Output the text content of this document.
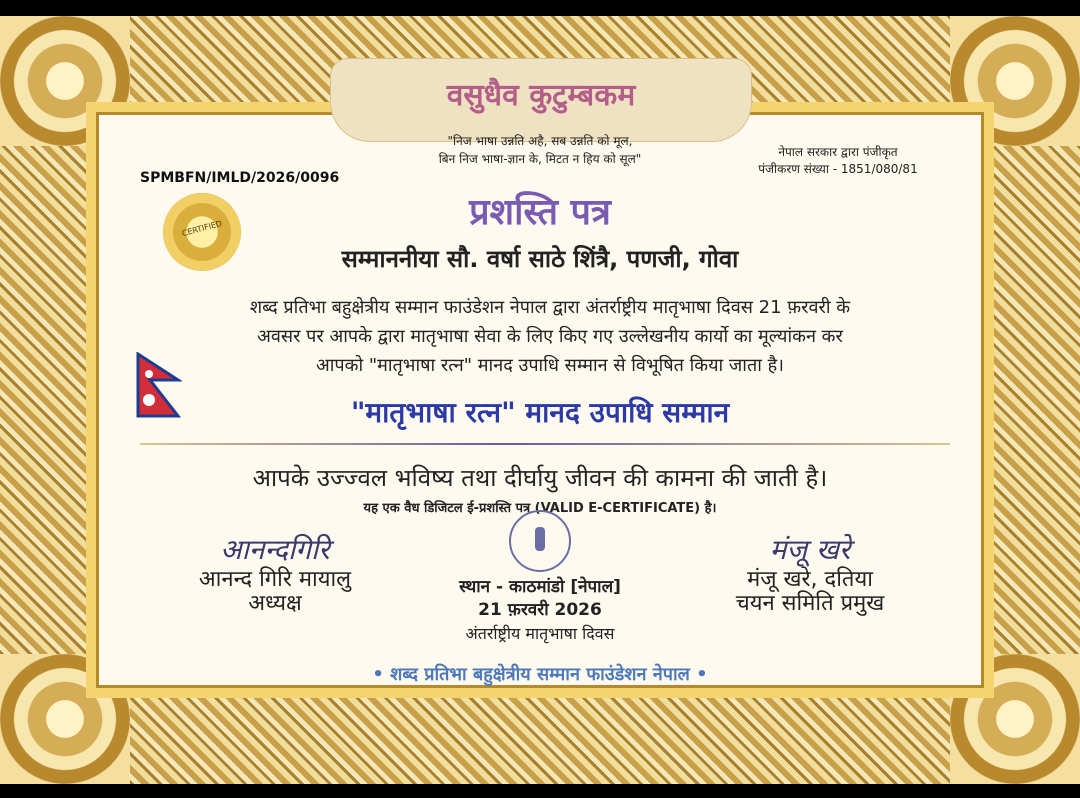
वसुधैव कुटुम्बकम
"निज भाषा उन्नति अहै, सब उन्नति को मूल,
बिन निज भाषा-ज्ञान के, मिटत न हिय को सूल"
SPMBFN/IMLD/2026/0096
नेपाल सरकार द्वारा पंजीकृत
पंजीकरण संख्या - 1851/080/81
CERTIFIED	प्रशस्ति पत्र
सम्माननीया सौ. वर्षा साठे शिंत्रै, पणजी, गोवा
शब्द प्रतिभा बहुक्षेत्रीय सम्मान फाउंडेशन नेपाल द्वारा अंतर्राष्ट्रीय मातृभाषा दिवस 21 फ़रवरी के
अवसर पर आपके द्वारा मातृभाषा सेवा के लिए किए गए उल्लेखनीय कार्यो का मूल्यांकन कर
आपको "मातृभाषा रत्न" मानद उपाधि सम्मान से विभूषित किया जाता है।
"मातृभाषा रत्न" मानद उपाधि सम्मान
आपके उज्ज्वल भविष्य तथा दीर्घायु जीवन की कामना की जाती है।
यह एक वैध डिजिटल ई-प्रशस्ति पत्र (VALID E-CERTIFICATE) है।
आनन्दगिरि
आनन्द गिरि मायालु
अध्यक्ष
स्थान - काठमांडो [नेपाल]
21 फ़रवरी 2026
अंतर्राष्ट्रीय मातृभाषा दिवस
मंजू खरे
मंजू खरे, दतिया
चयन समिति प्रमुख
• शब्द प्रतिभा बहुक्षेत्रीय सम्मान फाउंडेशन नेपाल •
